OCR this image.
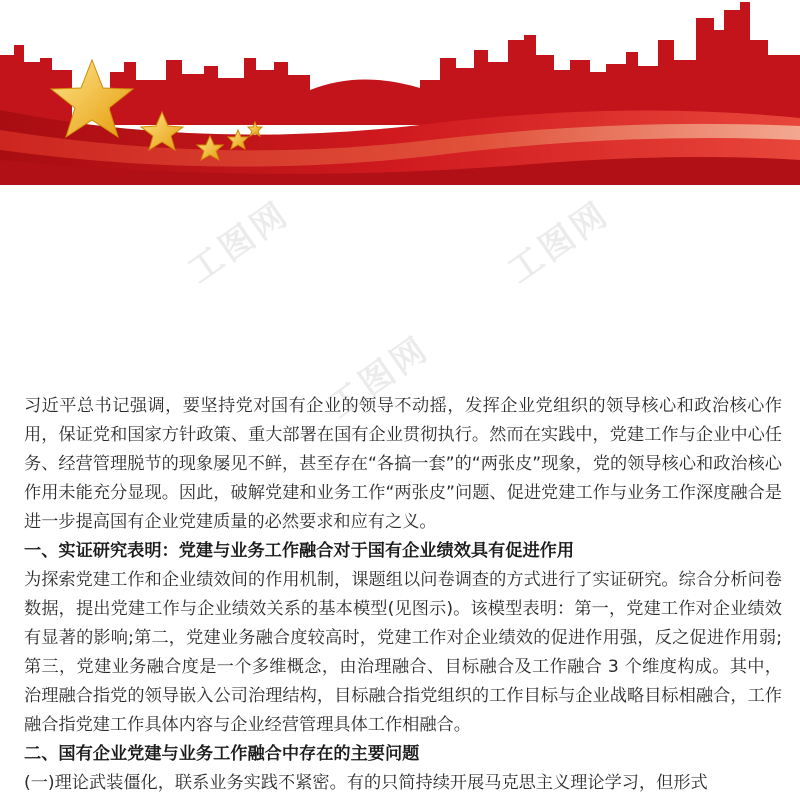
工图网	工图网
工图网

习近平总书记强调，要坚持党对国有企业的领导不动摇，发挥企业党组织的领导核心和政治核心作用，保证党和国家方针政策、重大部署在国有企业贯彻执行。然而在实践中，党建工作与企业中心任务、经营管理脱节的现象屡见不鲜，甚至存在“各搞一套”的“两张皮”现象，党的领导核心和政治核心作用未能充分显现。因此，破解党建和业务工作“两张皮”问题、促进党建工作与业务工作深度融合是进一步提高国有企业党建质量的必然要求和应有之义。

一、实证研究表明：党建与业务工作融合对于国有企业绩效具有促进作用

为探索党建工作和企业绩效间的作用机制，课题组以问卷调查的方式进行了实证研究。综合分析问卷数据，提出党建工作与企业绩效关系的基本模型(见图示)。该模型表明：第一，党建工作对企业绩效有显著的影响;第二，党建业务融合度较高时，党建工作对企业绩效的促进作用强，反之促进作用弱;第三，党建业务融合度是一个多维概念，由治理融合、目标融合及工作融合 3 个维度构成。其中，治理融合指党的领导嵌入公司治理结构，目标融合指党组织的工作目标与企业战略目标相融合，工作融合指党建工作具体内容与企业经营管理具体工作相融合。

二、国有企业党建与业务工作融合中存在的主要问题

(一)理论武装僵化，联系业务实践不紧密。有的只简持续开展马克思主义理论学习，但形式
